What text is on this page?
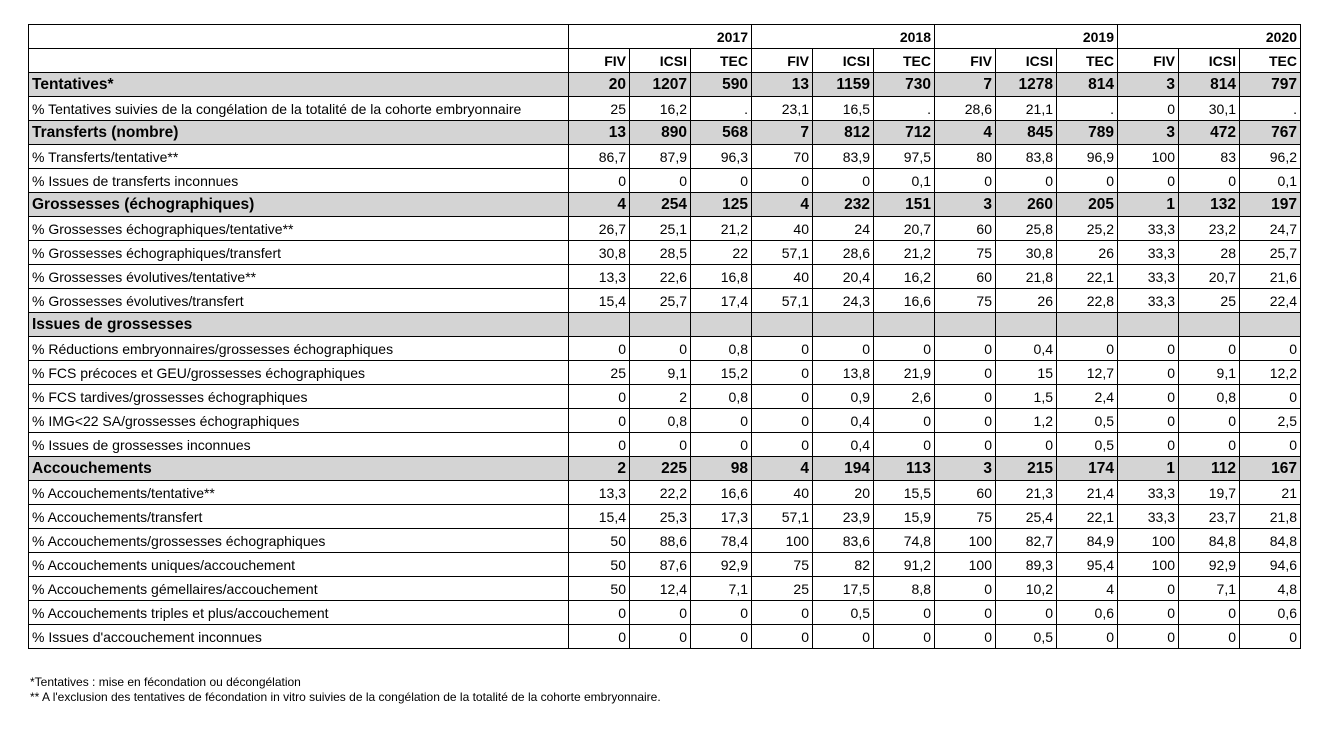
	2017			2018			2019			2020		
	FIV	ICSI	TEC	FIV	ICSI	TEC	FIV	ICSI	TEC	FIV	ICSI	TEC
Tentatives*	20	1207	590	13	1159	730	7	1278	814	3	814	797
% Tentatives suivies de la congélation de la totalité de la cohorte embryonnaire	25	16,2	.	23,1	16,5	.	28,6	21,1	.	0	30,1	.
Transferts (nombre)	13	890	568	7	812	712	4	845	789	3	472	767
% Transferts/tentative**	86,7	87,9	96,3	70	83,9	97,5	80	83,8	96,9	100	83	96,2
% Issues de transferts inconnues	0	0	0	0	0	0,1	0	0	0	0	0	0,1
Grossesses (échographiques)	4	254	125	4	232	151	3	260	205	1	132	197
% Grossesses échographiques/tentative**	26,7	25,1	21,2	40	24	20,7	60	25,8	25,2	33,3	23,2	24,7
% Grossesses échographiques/transfert	30,8	28,5	22	57,1	28,6	21,2	75	30,8	26	33,3	28	25,7
% Grossesses évolutives/tentative**	13,3	22,6	16,8	40	20,4	16,2	60	21,8	22,1	33,3	20,7	21,6
% Grossesses évolutives/transfert	15,4	25,7	17,4	57,1	24,3	16,6	75	26	22,8	33,3	25	22,4
Issues de grossesses												
% Réductions embryonnaires/grossesses échographiques	0	0	0,8	0	0	0	0	0,4	0	0	0	0
% FCS précoces et GEU/grossesses échographiques	25	9,1	15,2	0	13,8	21,9	0	15	12,7	0	9,1	12,2
% FCS tardives/grossesses échographiques	0	2	0,8	0	0,9	2,6	0	1,5	2,4	0	0,8	0
% IMG<22 SA/grossesses échographiques	0	0,8	0	0	0,4	0	0	1,2	0,5	0	0	2,5
% Issues de grossesses inconnues	0	0	0	0	0,4	0	0	0	0,5	0	0	0
Accouchements	2	225	98	4	194	113	3	215	174	1	112	167
% Accouchements/tentative**	13,3	22,2	16,6	40	20	15,5	60	21,3	21,4	33,3	19,7	21
% Accouchements/transfert	15,4	25,3	17,3	57,1	23,9	15,9	75	25,4	22,1	33,3	23,7	21,8
% Accouchements/grossesses échographiques	50	88,6	78,4	100	83,6	74,8	100	82,7	84,9	100	84,8	84,8
% Accouchements uniques/accouchement	50	87,6	92,9	75	82	91,2	100	89,3	95,4	100	92,9	94,6
% Accouchements gémellaires/accouchement	50	12,4	7,1	25	17,5	8,8	0	10,2	4	0	7,1	4,8
% Accouchements triples et plus/accouchement	0	0	0	0	0,5	0	0	0	0,6	0	0	0,6
% Issues d'accouchement inconnues	0	0	0	0	0	0	0	0,5	0	0	0	0
*Tentatives : mise en fécondation ou décongélation
** A l'exclusion des tentatives de fécondation in vitro suivies de la congélation de la totalité de la cohorte embryonnaire.
